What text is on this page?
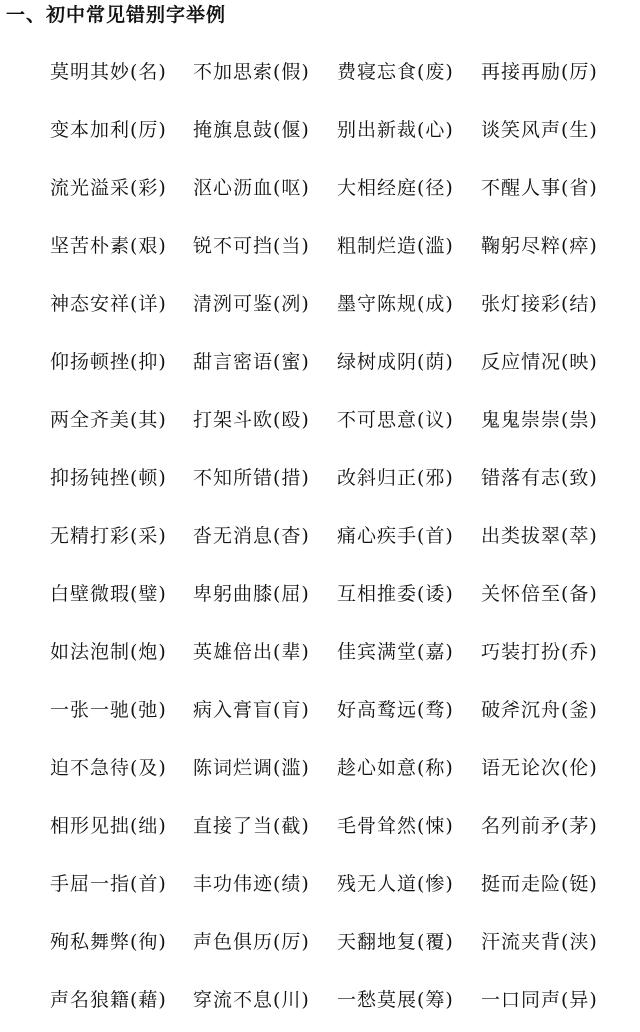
一、初中常见错别字举例
莫明其妙(名) 不加思索(假) 费寝忘食(废) 再接再励(厉)
变本加利(厉) 掩旗息鼓(偃) 别出新裁(心) 谈笑风声(生)
流光溢采(彩) 沤心沥血(呕) 大相经庭(径) 不醒人事(省)
坚苦朴素(艰) 锐不可挡(当) 粗制烂造(滥) 鞠躬尽粹(瘁)
神态安祥(详) 清洌可鉴(冽) 墨守陈规(成) 张灯接彩(结)
仰扬顿挫(抑) 甜言密语(蜜) 绿树成阴(荫) 反应情况(映)
两全齐美(其) 打架斗欧(殴) 不可思意(议) 鬼鬼崇崇(祟)
抑扬钝挫(顿) 不知所错(措) 改斜归正(邪) 错落有志(致)
无精打彩(采) 沓无消息(杳) 痛心疾手(首) 出类拔翠(萃)
白壁微瑕(璧) 卑躬曲膝(屈) 互相推委(诿) 关怀倍至(备)
如法泡制(炮) 英雄倍出(辈) 佳宾满堂(嘉) 巧装打扮(乔)
一张一驰(弛) 病入膏盲(肓) 好高鹜远(骛) 破斧沉舟(釜)
迫不急待(及) 陈词烂调(滥) 趁心如意(称) 语无论次(伦)
相形见拙(绌) 直接了当(截) 毛骨耸然(悚) 名列前矛(茅)
手屈一指(首) 丰功伟迹(绩) 残无人道(惨) 挺而走险(铤)
殉私舞弊(徇) 声色俱历(厉) 天翻地复(覆) 汗流夹背(浃)
声名狼籍(藉) 穿流不息(川) 一愁莫展(筹) 一口同声(异)
